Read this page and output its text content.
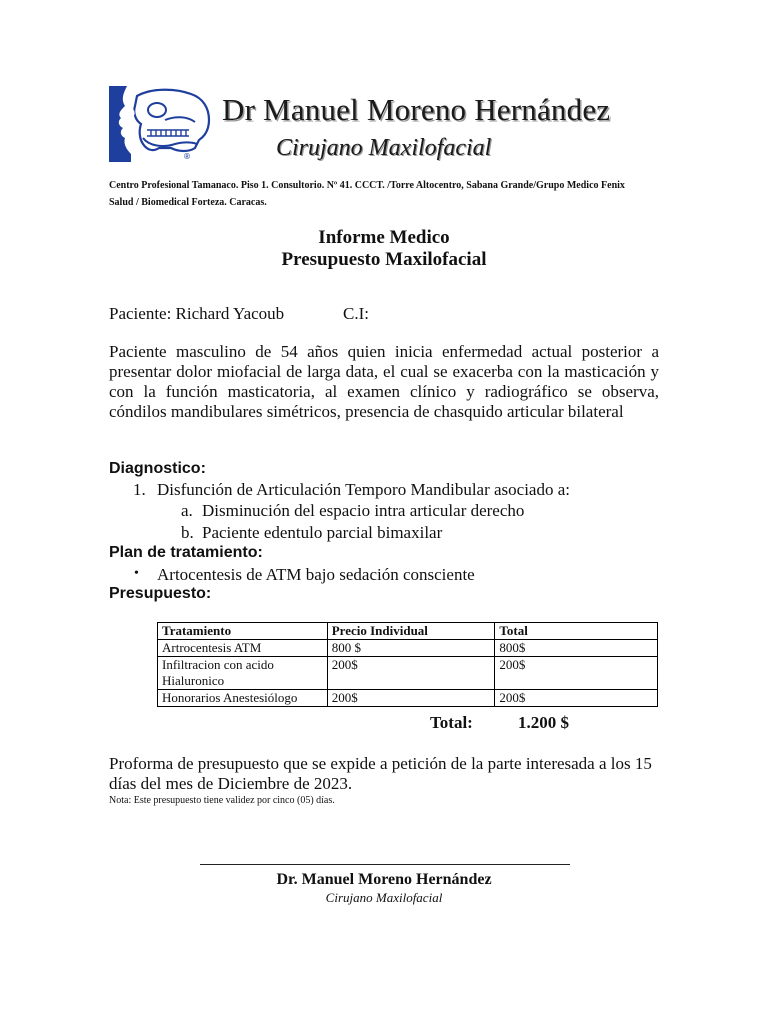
®
Dr Manuel Moreno Hernández
Cirujano Maxilofacial
Centro Profesional Tamanaco. Piso 1. Consultorio. Nº 41. CCCT. /Torre Altocentro, Sabana Grande/Grupo Medico Fenix Salud / Biomedical Forteza. Caracas.
Informe Medico
Presupuesto Maxilofacial
Paciente: Richard Yacoub	C.I:
Paciente masculino de 54 años quien inicia enfermedad actual posterior a presentar dolor miofacial de larga data, el cual se exacerba con la masticación y con la función masticatoria, al examen clínico y radiográfico se observa, cóndilos mandibulares simétricos, presencia de chasquido articular bilateral
Diagnostico:
1. Disfunción de Articulación Temporo Mandibular asociado a:
a. Disminución del espacio intra articular derecho
b. Paciente edentulo parcial bimaxilar
Plan de tratamiento:
• Artocentesis de ATM bajo sedación consciente
Presupuesto:
Tratamiento	Precio Individual	Total
Artrocentesis ATM	800 $	800$
Infiltracion con acido Hialuronico	200$	200$
Honorarios Anestesiólogo	200$	200$
Total:	1.200 $
Proforma de presupuesto que se expide a petición de la parte interesada a los 15 días del mes de Diciembre de 2023.
Nota: Este presupuesto tiene validez por cinco (05) días.
Dr. Manuel Moreno Hernández
Cirujano Maxilofacial
